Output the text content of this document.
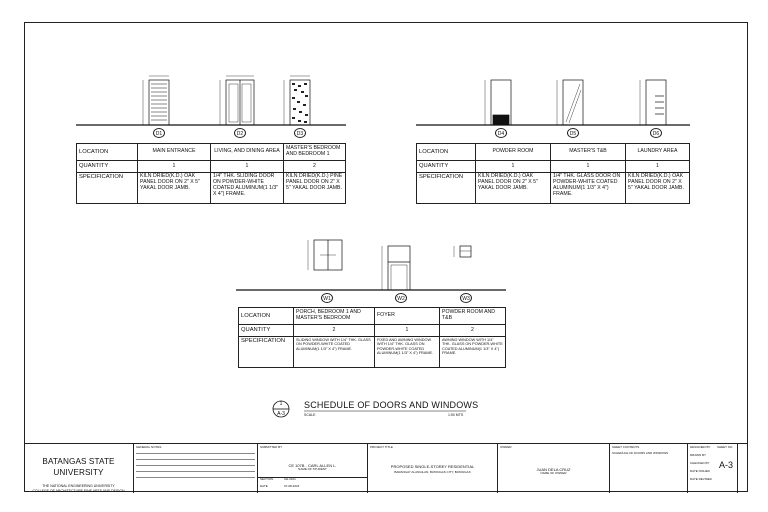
D1	D2	D3	D4	D5	D6
W1	W2	W3
LOCATION	MAIN ENTRANCE	LIVING, AND DINING AREA	MASTER'S BEDROOM AND BEDROOM 1
QUANTITY	1	1	2
SPECIFICATION	KILN DRIED(K.D.) OAK PANEL DOOR ON 2" X 5" YAKAL DOOR JAMB.	1/4" THK. SLIDING DOOR ON POWDER-WHITE COATED ALUMINUM(1 1/3" X 4") FRAME.	KILN DRIED(K.D.) PINE PANEL DOOR ON 2" X 5" YAKAL DOOR JAMB.
LOCATION	POWDER ROOM	MASTER'S T&B	LAUNDRY AREA
QUANTITY	1	1	1
SPECIFICATION	KILN DRIED(K.D.) OAK PANEL DOOR ON 2" X 5" YAKAL DOOR JAMB.	1/4" THK. GLASS DOOR ON POWDER-WHITE COATED ALUMINUM(1 1/3" X 4") FRAME.	KILN DRIED(K.D.) OAK PANEL DOOR ON 2" X 5" YAKAL DOOR JAMB.
LOCATION	PORCH, BEDROOM 1 AND MASTER'S BEDROOM	FOYER	POWDER ROOM AND T&B
QUANTITY	2	1	2
SPECIFICATION	SLIDING WINDOW WITH 1/4" THK. GLASS ON POWDER-WHITE COATED ALUMINUM(1 1/3" X 4") FRAME.	FIXED AND AWNING WINDOW WITH 1/4" THK. GLASS ON POWDER-WHITE COATED ALUMINUM(1 1/3" X 4") FRAME.	AWNING WINDOW WITH 1/4" THK. GLASS ON POWDER-WHITE COATED ALUMINUM(1 1/3" X 4") FRAME.
1
A-3
SCHEDULE OF DOORS AND WINDOWS
SCALE	1:50 MTS
BATANGAS STATE UNIVERSITY
THE NATIONAL ENGINEERING UNIVERSITY
COLLEGE OF ARCHITECTURE FINE ARTS AND DESIGN
GENERAL NOTES	SUBMITTED BY
CE 107B - CARL ALLEN L.
NAME OF STUDENT
SECTION	CE-3101
DATE	07-08-2023
PROJECT TITLE
PROPOSED SINGLE-STOREY RESIDENTIAL
BARANGAY ALANGILAN, BATANGAS CITY, BATANGAS
OWNER
JUAN DELA CRUZ
NAME OF OWNER
SHEET CONTENTS
SCHEDULE OF DOORS AND WINDOWS
DESIGNED BY
DRAWN BY
CHECKED BY
DATE ISSUED
DATE REVISED
SHEET NO.
A-3
